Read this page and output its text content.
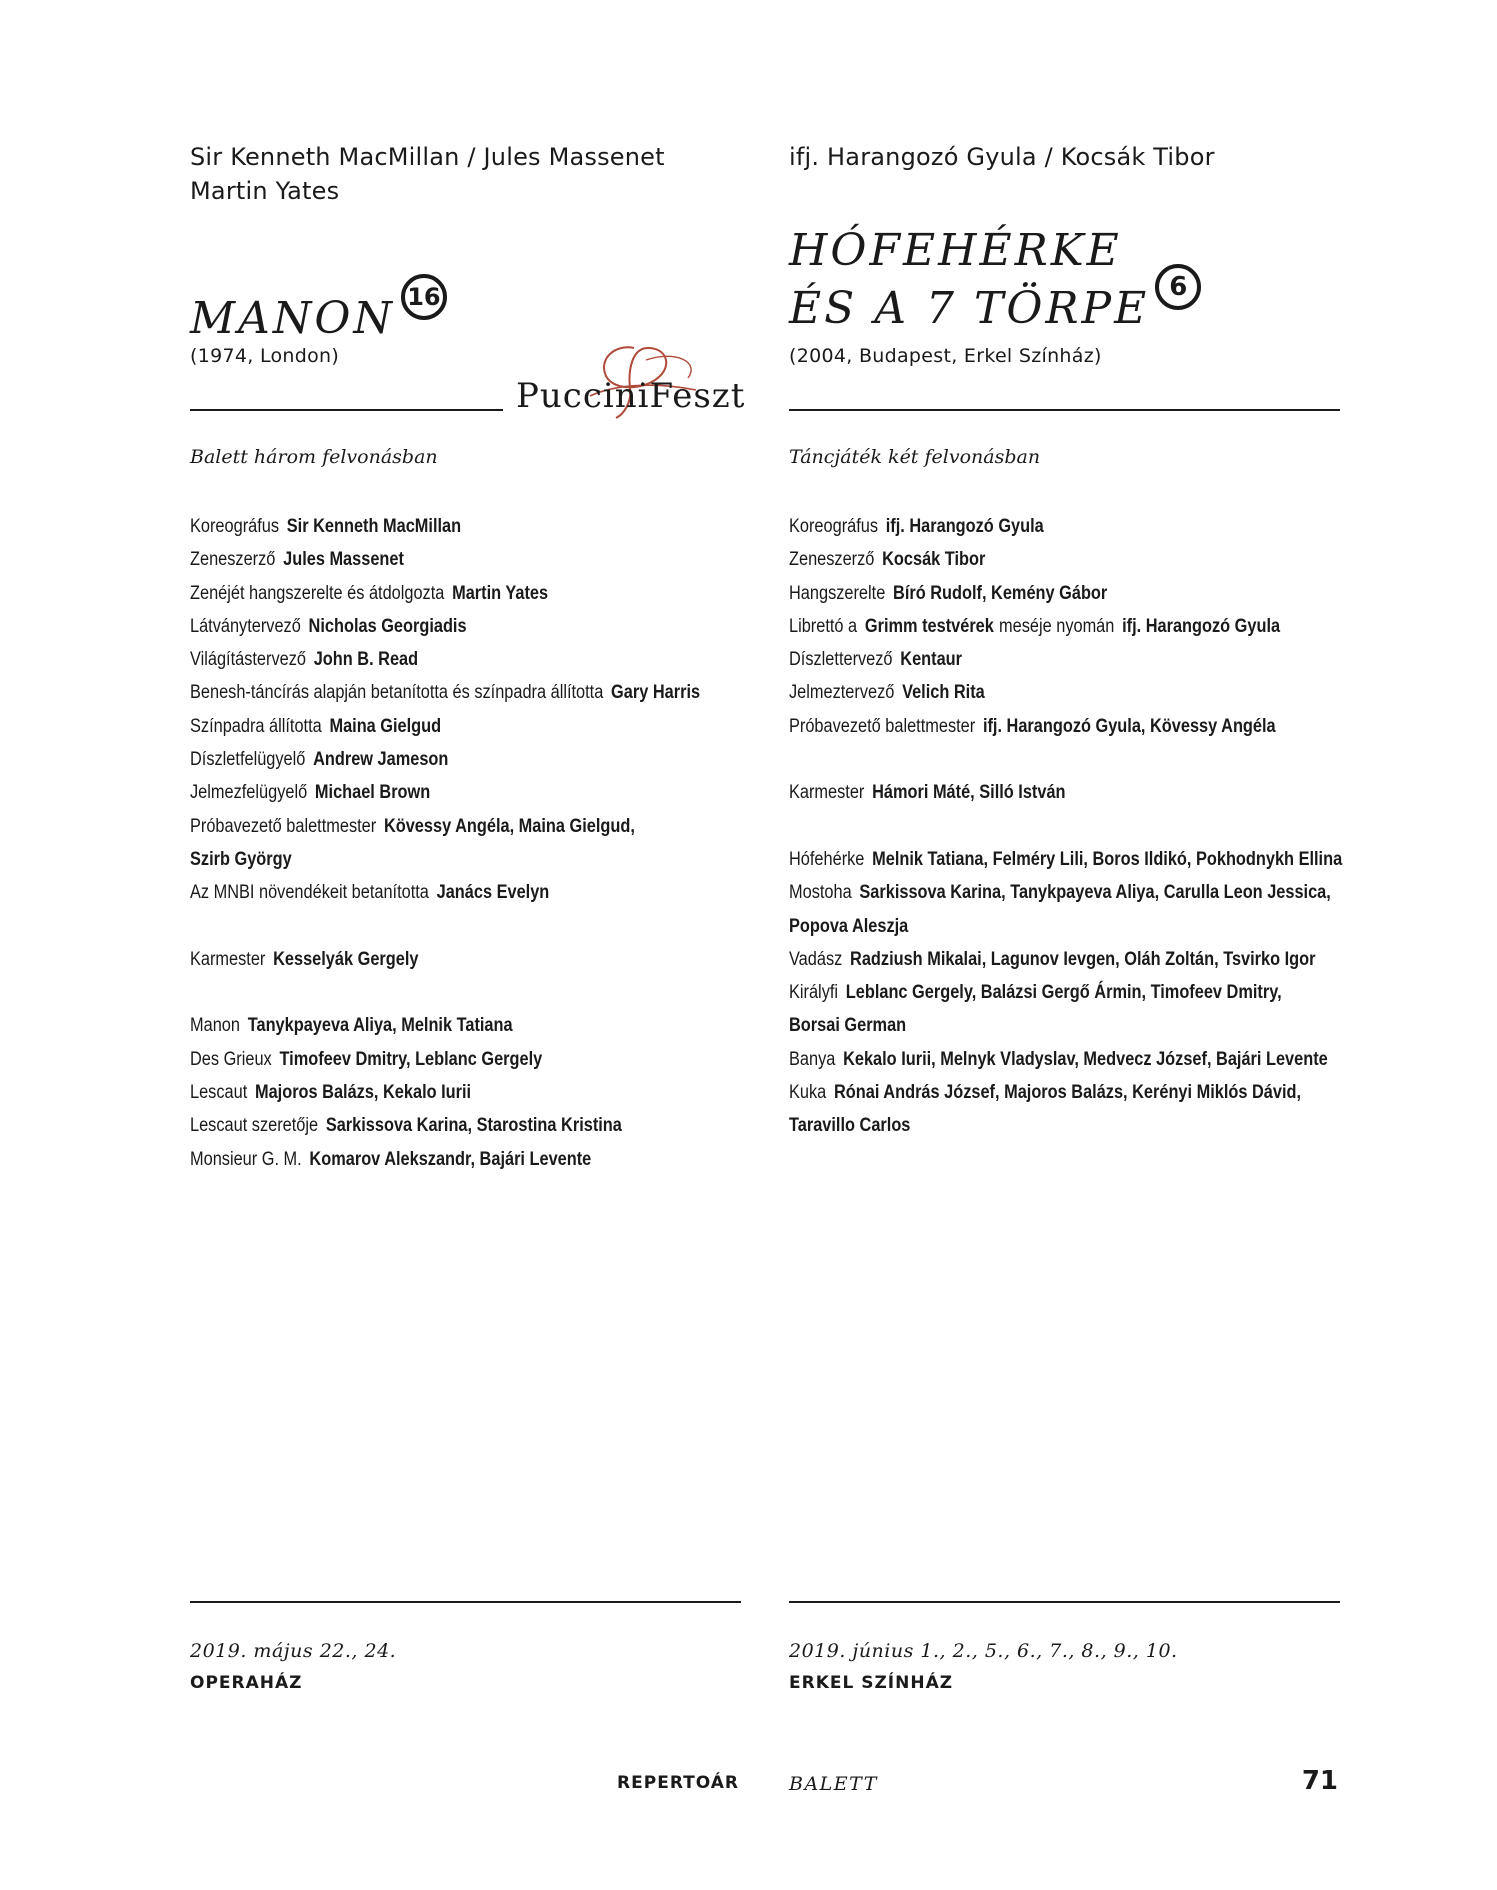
Sir Kenneth MacMillan / Jules Massenet
Martin Yates
MANON 16
(1974, London)
PucciniFeszt
Balett három felvonásban
Koreográfus Sir Kenneth MacMillan
Zeneszerző Jules Massenet
Zenéjét hangszerelte és átdolgozta Martin Yates
Látványtervező Nicholas Georgiadis
Világítástervező John B. Read
Benesh-táncírás alapján betanította és színpadra állította Gary Harris
Színpadra állította Maina Gielgud
Díszletfelügyelő Andrew Jameson
Jelmezfelügyelő Michael Brown
Próbavezető balettmester Kövessy Angéla, Maina Gielgud,
Szirb György
Az MNBI növendékeit betanította Janács Evelyn
Karmester Kesselyák Gergely
Manon Tanykpayeva Aliya, Melnik Tatiana
Des Grieux Timofeev Dmitry, Leblanc Gergely
Lescaut Majoros Balázs, Kekalo Iurii
Lescaut szeretője Sarkissova Karina, Starostina Kristina
Monsieur G. M. Komarov Alekszandr, Bajári Levente
2019. május 22., 24.
OPERAHÁZ
ifj. Harangozó Gyula / Kocsák Tibor
HÓFEHÉRKE
ÉS A 7 TÖRPE 6
(2004, Budapest, Erkel Színház)
Táncjáték két felvonásban
Koreográfus ifj. Harangozó Gyula
Zeneszerző Kocsák Tibor
Hangszerelte Bíró Rudolf, Kemény Gábor
Librettó a Grimm testvérek meséje nyomán ifj. Harangozó Gyula
Díszlettervező Kentaur
Jelmeztervező Velich Rita
Próbavezető balettmester ifj. Harangozó Gyula, Kövessy Angéla
Karmester Hámori Máté, Silló István
Hófehérke Melnik Tatiana, Felméry Lili, Boros Ildikó, Pokhodnykh Ellina
Mostoha Sarkissova Karina, Tanykpayeva Aliya, Carulla Leon Jessica,
Popova Aleszja
Vadász Radziush Mikalai, Lagunov Ievgen, Oláh Zoltán, Tsvirko Igor
Királyfi Leblanc Gergely, Balázsi Gergő Ármin, Timofeev Dmitry,
Borsai German
Banya Kekalo Iurii, Melnyk Vladyslav, Medvecz József, Bajári Levente
Kuka Rónai András József, Majoros Balázs, Kerényi Miklós Dávid,
Taravillo Carlos
2019. június 1., 2., 5., 6., 7., 8., 9., 10.
ERKEL SZÍNHÁZ
REPERTOÁR	BALETT	71
